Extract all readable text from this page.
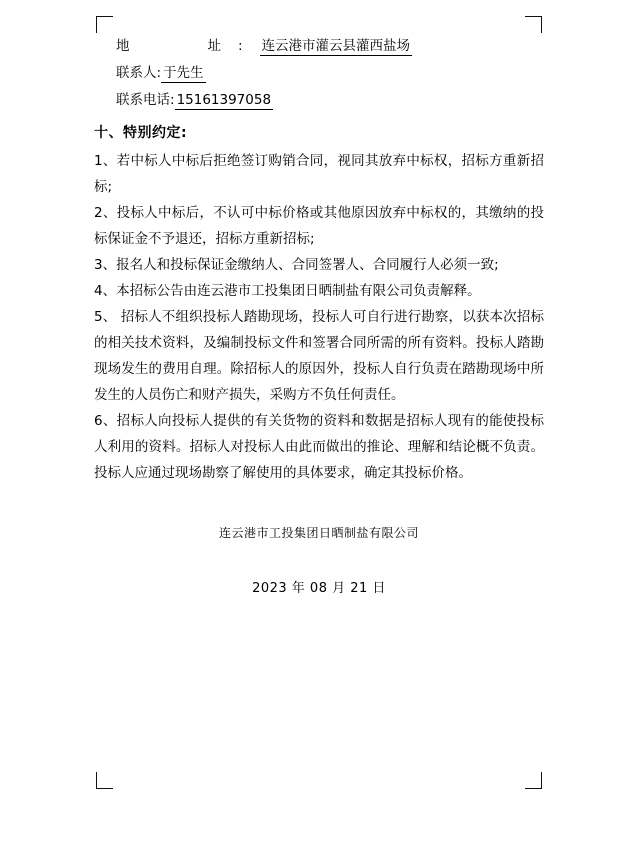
地　　址: 连云港市灌云县灌西盐场
联系人: 于先生
联系电话: 15161397058
十、特别约定:

1、若中标人中标后拒绝签订购销合同，视同其放弃中标权，招标方重新招标;

2、投标人中标后，不认可中标价格或其他原因放弃中标权的，其缴纳的投标保证金不予退还，招标方重新招标;

3、报名人和投标保证金缴纳人、合同签署人、合同履行人必须一致;

4、本招标公告由连云港市工投集团日晒制盐有限公司负责解释。

5、 招标人不组织投标人踏勘现场，投标人可自行进行勘察，以获本次招标的相关技术资料，及编制投标文件和签署合同所需的所有资料。投标人踏勘现场发生的费用自理。除招标人的原因外，投标人自行负责在踏勘现场中所发生的人员伤亡和财产损失，采购方不负任何责任。

6、招标人向投标人提供的有关货物的资料和数据是招标人现有的能使投标人利用的资料。招标人对投标人由此而做出的推论、理解和结论概不负责。投标人应通过现场勘察了解使用的具体要求，确定其投标价格。

连云港市工投集团日晒制盐有限公司
2023 年 08 月 21 日
